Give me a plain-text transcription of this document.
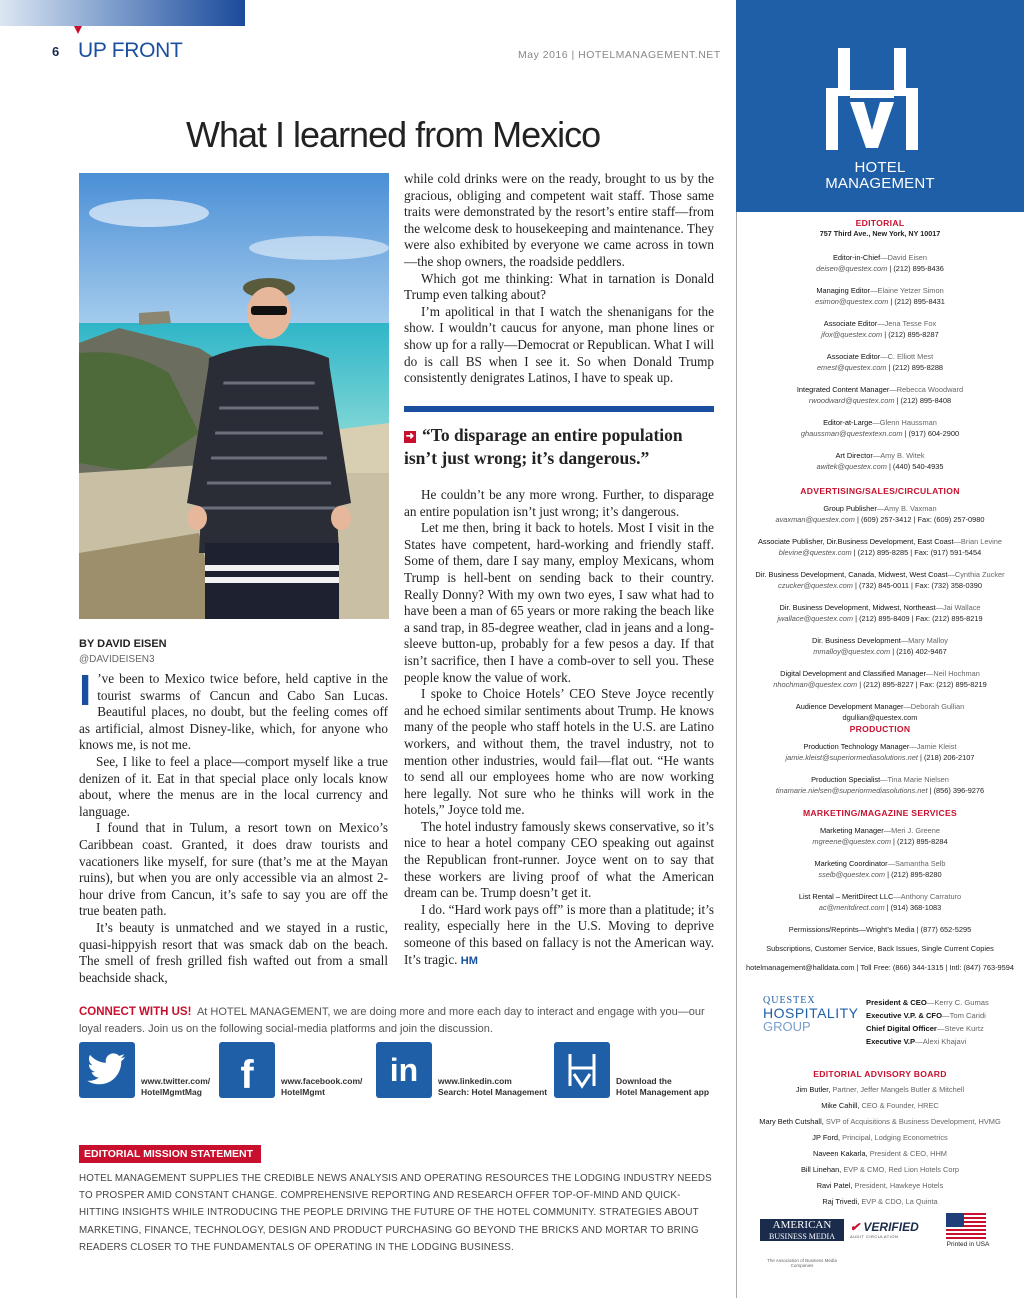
6 UP FRONT	May 2016 | HOTELMANAGEMENT.NET
What I learned from Mexico
BY DAVID EISEN
@DAVIDEISEN3

I ’ve been to Mexico twice before, held captive in the tourist swarms of Cancun and Cabo San Lucas. Beautiful places, no doubt, but the feeling comes off as artificial, almost Disney-like, which, for anyone who knows me, is not me.

See, I like to feel a place—comport myself like a true denizen of it. Eat in that special place only locals know about, where the menus are in the local currency and language.

I found that in Tulum, a resort town on Mexico’s Caribbean coast. Granted, it does draw tourists and vacationers like myself, for sure (that’s me at the Mayan ruins), but when you are only accessible via an almost 2-hour drive from Cancun, it’s safe to say you are off the true beaten path.

It’s beauty is unmatched and we stayed in a rustic, quasi-hippyish resort that was smack dab on the beach. The smell of fresh grilled fish wafted out from a small beachside shack,

while cold drinks were on the ready, brought to us by the gracious, obliging and competent wait staff. Those same traits were demonstrated by the resort’s entire staff—from the welcome desk to housekeeping and maintenance. They were also exhibited by everyone we came across in town—the shop owners, the roadside peddlers.

Which got me thinking: What in tarnation is Donald Trump even talking about?

I’m apolitical in that I watch the shenanigans for the show. I wouldn’t caucus for anyone, man phone lines or show up for a rally—Democrat or Republican. What I will do is call BS when I see it. So when Donald Trump consistently denigrates Latinos, I have to speak up.

➜ “To disparage an entire population isn’t just wrong; it’s dangerous.”

He couldn’t be any more wrong. Further, to disparage an entire population isn’t just wrong; it’s dangerous.

Let me then, bring it back to hotels. Most I visit in the States have competent, hard-working and friendly staff. Some of them, dare I say many, employ Mexicans, whom Trump is hell-bent on sending back to their country. Really Donny? With my own two eyes, I saw what had to have been a man of 65 years or more raking the beach like a sand trap, in 85-degree weather, clad in jeans and a long-sleeve button-up, probably for a few pesos a day. If that isn’t sacrifice, then I have a comb-over to sell you. These people know the value of work.

I spoke to Choice Hotels’ CEO Steve Joyce recently and he echoed similar sentiments about Trump. He knows many of the people who staff hotels in the U.S. are Latino workers, and without them, the travel industry, not to mention other industries, would fail—flat out. “He wants to send all our employees home who are now working here legally. Not sure who he thinks will work in the hotels,” Joyce told me.

The hotel industry famously skews conservative, so it’s nice to hear a hotel company CEO speaking out against the Republican front-runner. Joyce went on to say that these workers are living proof of what the American dream can be. Trump doesn’t get it.

I do. “Hard work pays off” is more than a platitude; it’s reality, especially here in the U.S. Moving to deprive someone of this based on fallacy is not the American way. It’s tragic. HM

CONNECT WITH US! At HOTEL MANAGEMENT, we are doing more and more each day to interact and engage with you—our loyal readers. Join us on the following social-media platforms and join the discussion.
www.twitter.com/
HotelMgmtMag f	www.facebook.com/
HotelMgmt
in	www.linkedin.com
Search: Hotel Management
Download the
Hotel Management app
EDITORIAL MISSION STATEMENT
HOTEL MANAGEMENT SUPPLIES THE CREDIBLE NEWS ANALYSIS AND OPERATING RESOURCES THE LODGING INDUSTRY NEEDS TO PROSPER AMID CONSTANT CHANGE. COMPREHENSIVE REPORTING AND RESEARCH OFFER TOP-OF-MIND AND QUICK-HITTING INSIGHTS WHILE INTRODUCING THE PEOPLE DRIVING THE FUTURE OF THE HOTEL COMMUNITY. STRATEGIES ABOUT MARKETING, FINANCE, TECHNOLOGY, DESIGN AND PRODUCT PURCHASING GO BEYOND THE BRICKS AND MORTAR TO BRING READERS CLOSER TO THE FUNDAMENTALS OF OPERATING IN THE LODGING BUSINESS.
HOTEL
MANAGEMENT
EDITORIAL
757 Third Ave., New York, NY 10017
Editor-in-Chief—David Eisen
deisen@questex.com | (212) 895-8436
Managing Editor—Elaine Yetzer Simon
esimon@questex.com | (212) 895-8431
Associate Editor—Jena Tesse Fox
jfox@questex.com | (212) 895-8287
Associate Editor—C. Elliott Mest
emest@questex.com | (212) 895-8288
Integrated Content Manager—Rebecca Woodward
rwoodward@questex.com | (212) 895-8408
Editor-at-Large—Glenn Haussman
ghaussman@questextexn.com | (917) 604-2900
Art Director—Amy B. Witek
awitek@questex.com | (440) 540-4935
ADVERTISING/SALES/CIRCULATION
Group Publisher—Amy B. Vaxman
avaxman@questex.com | (609) 257-3412 | Fax: (609) 257-0980
Associate Publisher, Dir.Business Development, East Coast—Brian Levine
blevine@questex.com | (212) 895-8285 | Fax: (917) 591-5454
Dir. Business Development, Canada, Midwest, West Coast—Cynthia Zucker
czucker@questex.com | (732) 845-0011 | Fax: (732) 358-0390
Dir. Business Development, Midwest, Northeast—Jai Wallace
jwallace@questex.com | (212) 895-8409 | Fax: (212) 895-8219
Dir. Business Development—Mary Malloy
mmalloy@questex.com | (216) 402-9467
Digital Development and Classified Manager—Neil Hochman
nhochman@questex.com | (212) 895-8227 | Fax: (212) 895-8219
Audience Development Manager—Deborah Gullian
dgullian@questex.com
PRODUCTION
Production Technology Manager—Jamie Kleist
jamie.kleist@superiormediasolutions.net | (218) 206-2107
Production Specialist—Tina Marie Nielsen
tinamarie.nielsen@superiormediasolutions.net | (856) 396-9276
MARKETING/MAGAZINE SERVICES
Marketing Manager—Meri J. Greene
mgreene@questex.com | (212) 895-8284
Marketing Coordinator—Samantha Selb
sselb@questex.com | (212) 895-8280
List Rental – MeritDirect LLC—Anthony Carraturo
ac@meritdirect.com | (914) 368-1083
Permissions/Reprints—Wright’s Media | (877) 652-5295
Subscriptions, Customer Service, Back Issues, Single Current Copies
hotelmanagement@halldata.com | Toll Free: (866) 344-1315 | Intl: (847) 763-9594
QUESTEX
HOSPITALITY
GROUP
President & CEO—Kerry C. Gumas
Executive V.P. & CFO—Tom Caridi
Chief Digital Officer—Steve Kurtz
Executive V.P—Alexi Khajavi
EDITORIAL ADVISORY BOARD
Jim Butler, Partner, Jeffer Mangels Butler & Mitchell
Mike Cahill, CEO & Founder, HREC
Mary Beth Cutshall, SVP of Acquisitions & Business Development, HVMG
JP Ford, Principal, Lodging Econometrics
Naveen Kakarla, President & CEO, HHM
Bill Linehan, EVP & CMO, Red Lion Hotels Corp
Ravi Patel, President, Hawkeye Hotels
Raj Trivedi, EVP & CDO, La Quinta
AMERICAN
BUSINESS MEDIA
The Association of Business Media Companies
✔ VERIFIED
AUDIT CIRCULATION
Printed in USA
